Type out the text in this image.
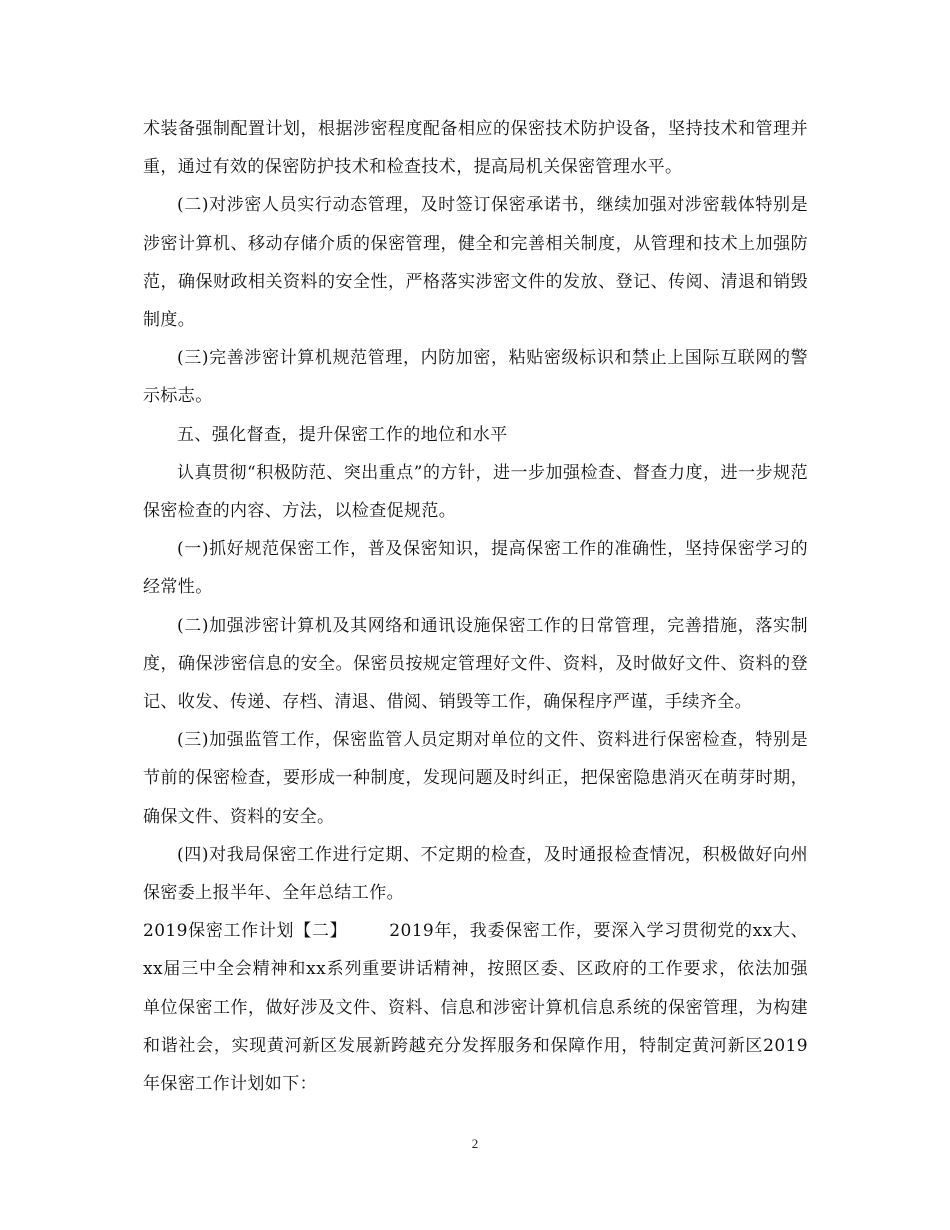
术装备强制配置计划，根据涉密程度配备相应的保密技术防护设备，坚持技术和管理并重，通过有效的保密防护技术和检查技术，提高局机关保密管理水平。

(二)对涉密人员实行动态管理，及时签订保密承诺书，继续加强对涉密载体特别是涉密计算机、移动存储介质的保密管理，健全和完善相关制度，从管理和技术上加强防范，确保财政相关资料的安全性，严格落实涉密文件的发放、登记、传阅、清退和销毁制度。

(三)完善涉密计算机规范管理，内防加密，粘贴密级标识和禁止上国际互联网的警示标志。

五、强化督查，提升保密工作的地位和水平

认真贯彻“积极防范、突出重点”的方针，进一步加强检查、督查力度，进一步规范保密检查的内容、方法，以检查促规范。

(一)抓好规范保密工作，普及保密知识，提高保密工作的准确性，坚持保密学习的经常性。

(二)加强涉密计算机及其网络和通讯设施保密工作的日常管理，完善措施，落实制度，确保涉密信息的安全。保密员按规定管理好文件、资料，及时做好文件、资料的登记、收发、传递、存档、清退、借阅、销毁等工作，确保程序严谨，手续齐全。

(三)加强监管工作，保密监管人员定期对单位的文件、资料进行保密检查，特别是节前的保密检查，要形成一种制度，发现问题及时纠正，把保密隐患消灭在萌芽时期，确保文件、资料的安全。

(四)对我局保密工作进行定期、不定期的检查，及时通报检查情况，积极做好向州保密委上报半年、全年总结工作。

2019保密工作计划【二】 2019年，我委保密工作，要深入学习贯彻党的xx大、xx届三中全会精神和xx系列重要讲话精神，按照区委、区政府的工作要求，依法加强单位保密工作，做好涉及文件、资料、信息和涉密计算机信息系统的保密管理，为构建和谐社会，实现黄河新区发展新跨越充分发挥服务和保障作用，特制定黄河新区2019年保密工作计划如下：

2
